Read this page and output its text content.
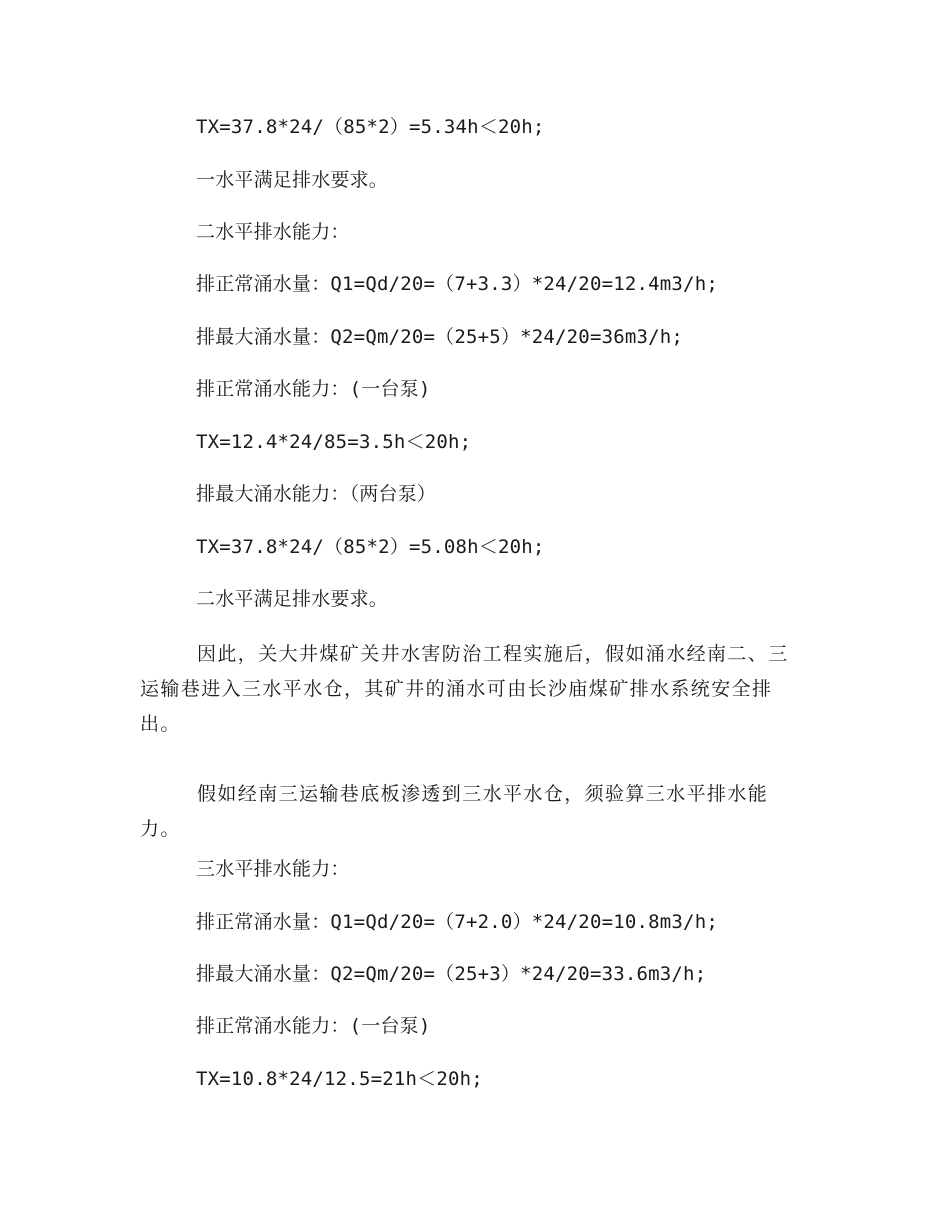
TX=37.8*24/（85*2）=5.34h＜20h;
一水平满足排水要求。
二水平排水能力：
排正常涌水量：Q1=Qd/20=（7+3.3）*24/20=12.4m3/h;
排最大涌水量：Q2=Qm/20=（25+5）*24/20=36m3/h;
排正常涌水能力：(一台泵)
TX=12.4*24/85=3.5h＜20h;
排最大涌水能力：（两台泵）
TX=37.8*24/（85*2）=5.08h＜20h;
二水平满足排水要求。
因此，关大井煤矿关井水害防治工程实施后，假如涌水经南二、三运输巷进入三水平水仓，其矿井的涌水可由长沙庙煤矿排水系统安全排出。
假如经南三运输巷底板渗透到三水平水仓，须验算三水平排水能力。
三水平排水能力：
排正常涌水量：Q1=Qd/20=（7+2.0）*24/20=10.8m3/h;
排最大涌水量：Q2=Qm/20=（25+3）*24/20=33.6m3/h;
排正常涌水能力：(一台泵)
TX=10.8*24/12.5=21h＜20h;
